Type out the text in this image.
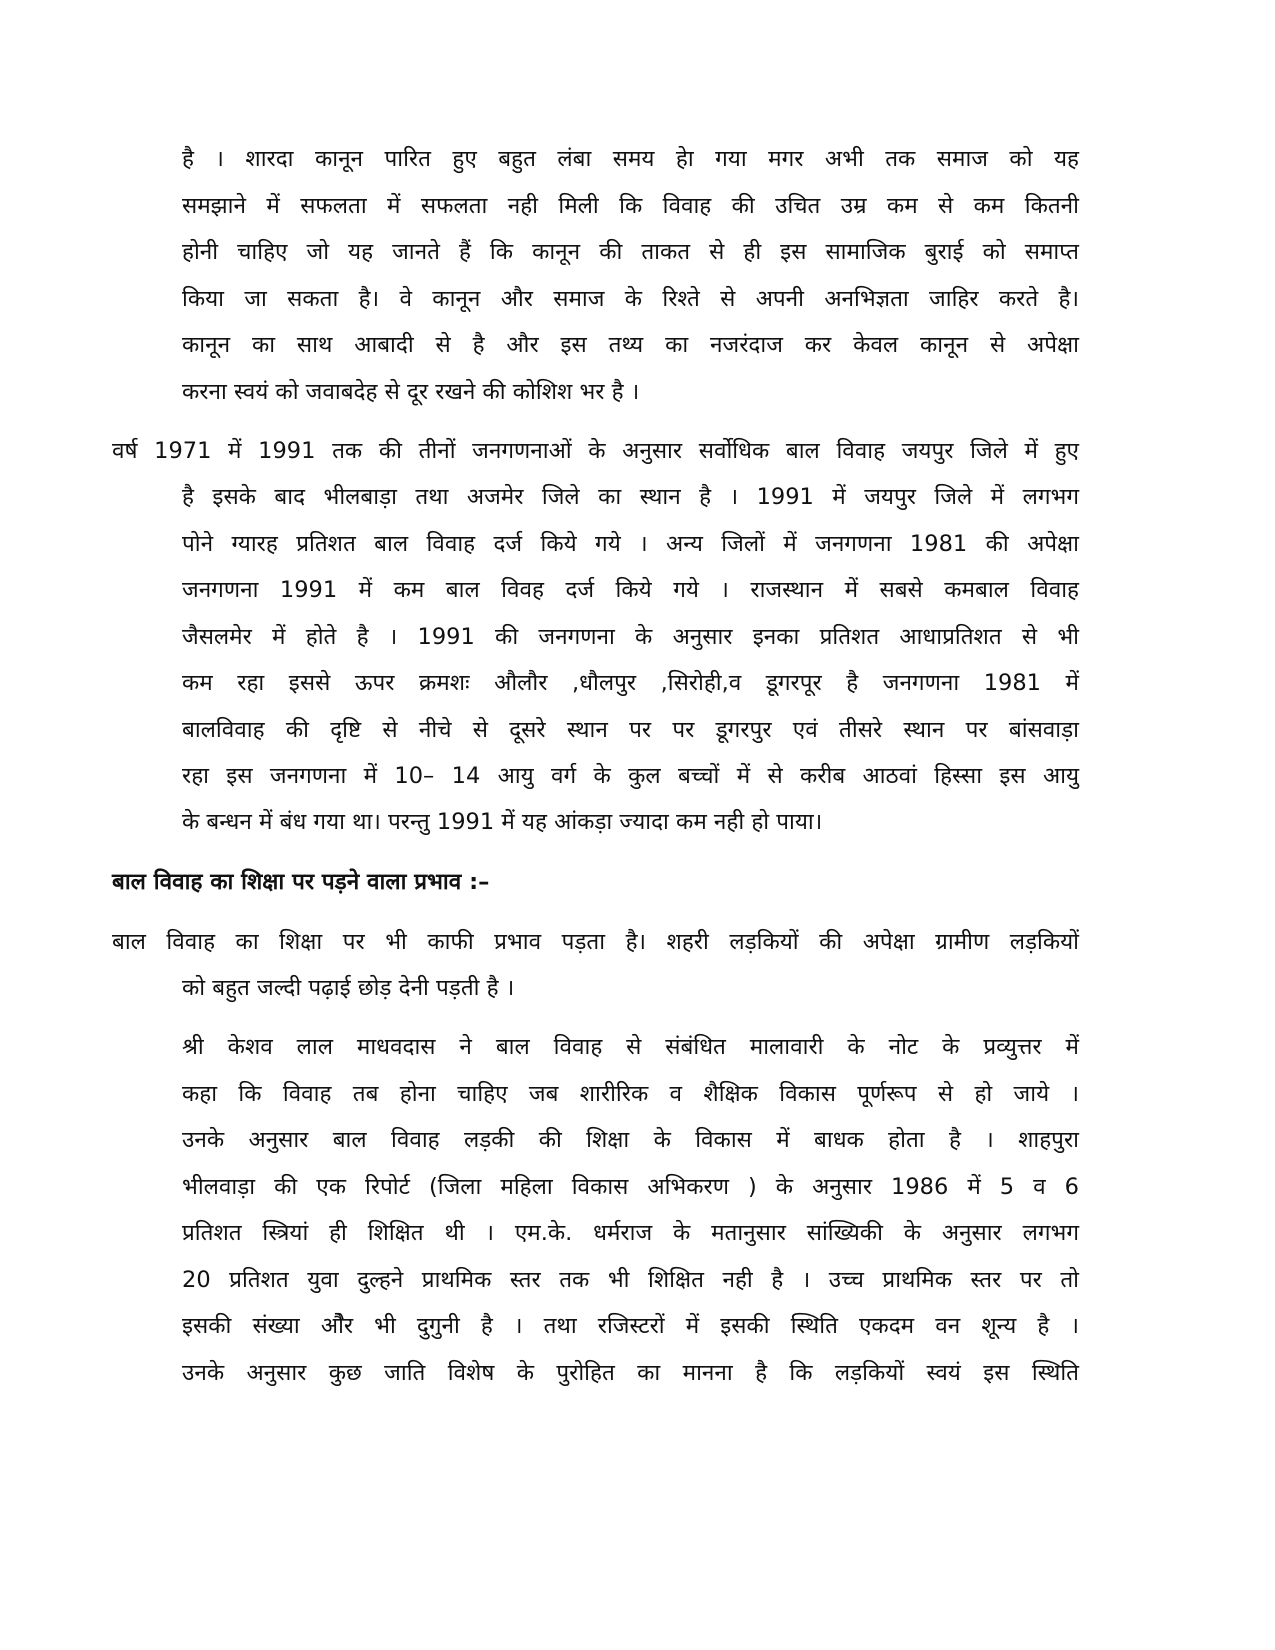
है । शारदा कानून पारित हुए बहुत लंबा समय हेा गया मगर अभी तक समाज को यह

समझाने में सफलता में सफलता नही मिली कि विवाह की उचित उम्र कम से कम कितनी

होनी चाहिए जो यह जानते हैं कि कानून की ताकत से ही इस सामाजिक बुराई को समाप्त

किया जा सकता है। वे कानून और समाज के रिश्ते से अपनी अनभिज्ञता जाहिर करते है।

कानून का साथ आबादी से है और इस तथ्य का नजरंदाज कर केवल कानून से अपेक्षा

करना स्वयं को जवाबदेह से दूर रखने की कोशिश भर है ।

वर्ष 1971 में 1991 तक की तीनों जनगणनाओं के अनुसार सर्वोधिक बाल विवाह जयपुर जिले में हुए

है इसके बाद भीलबाड़ा तथा अजमेर जिले का स्थान है । 1991 में जयपुर जिले में लगभग

पोने ग्यारह प्रतिशत बाल विवाह दर्ज किये गये । अन्य जिलों में जनगणना 1981 की अपेक्षा

जनगणना 1991 में कम बाल विवह दर्ज किये गये । राजस्थान में सबसे कमबाल विवाह

जैसलमेर में होते है । 1991 की जनगणना के अनुसार इनका प्रतिशत आधाप्रतिशत से भी

कम रहा इससे ऊपर क्रमशः औलौर ,धौलपुर ,सिरोही,व डूगरपूर है जनगणना 1981 में

बालविवाह की दृष्टि से नीचे से दूसरे स्थान पर पर डूगरपुर एवं तीसरे स्थान पर बांसवाड़ा

रहा इस जनगणना में 10– 14 आयु वर्ग के कुल बच्चों में से करीब आठवां हिस्सा इस आयु

के बन्धन में बंध गया था। परन्तु 1991 में यह आंकड़ा ज्यादा कम नही हो पाया।

बाल विवाह का शिक्षा पर पड़ने वाला प्रभाव :–

बाल विवाह का शिक्षा पर भी काफी प्रभाव पड़ता है। शहरी लड़कियों की अपेक्षा ग्रामीण लड़कियों

को बहुत जल्दी पढ़ाई छोड़ देनी पड़ती है ।

श्री केशव लाल माधवदास ने बाल विवाह से संबंधित मालावारी के नोट के प्रव्युत्तर में

कहा कि विवाह तब होना चाहिए जब शारीरिक व शैक्षिक विकास पूर्णरूप से हो जाये ।

उनके अनुसार बाल विवाह लड़की की शिक्षा के विकास में बाधक होता है । शाहपुरा

भीलवाड़ा की एक रिपोर्ट (जिला महिला विकास अभिकरण ) के अनुसार 1986 में 5 व 6

प्रतिशत स्त्रियां ही शिक्षित थी । एम.के. धर्मराज के मतानुसार सांख्यिकी के अनुसार लगभग

20 प्रतिशत युवा दुल्हने प्राथमिक स्तर तक भी शिक्षित नही है । उच्च प्राथमिक स्तर पर तो

इसकी संख्या औेर भी दुगुनी है । तथा रजिस्टरों में इसकी स्थिति एकदम वन शून्य है ।

उनके अनुसार कुछ जाति विशेष के पुरोहित का मानना है कि लड़कियों स्वयं इस स्थिति
